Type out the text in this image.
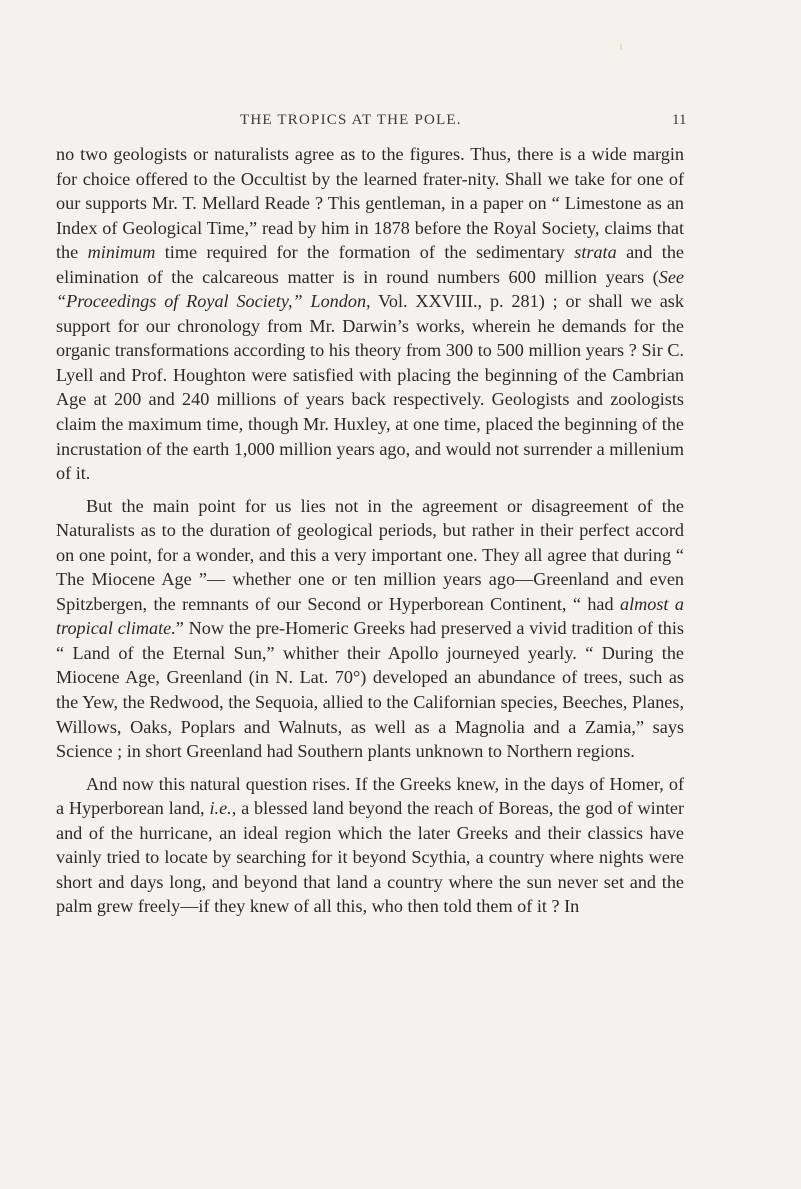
THE TROPICS AT THE POLE.	11

no two geologists or naturalists agree as to the figures. Thus, there is a wide margin for choice offered to the Occultist by the learned frater-nity. Shall we take for one of our supports Mr. T. Mellard Reade ? This gentleman, in a paper on “ Limestone as an Index of Geological Time,” read by him in 1878 before the Royal Society, claims that the minimum time required for the formation of the sedimentary strata and the elimination of the calcareous matter is in round numbers 600 million years (See “Proceedings of Royal Society,” London, Vol. XXVIII., p. 281) ; or shall we ask support for our chronology from Mr. Darwin’s works, wherein he demands for the organic transformations according to his theory from 300 to 500 million years ? Sir C. Lyell and Prof. Houghton were satisfied with placing the beginning of the Cambrian Age at 200 and 240 millions of years back respectively. Geologists and zoologists claim the maximum time, though Mr. Huxley, at one time, placed the beginning of the incrustation of the earth 1,000 million years ago, and would not surrender a millenium of it.

But the main point for us lies not in the agreement or disagreement of the Naturalists as to the duration of geological periods, but rather in their perfect accord on one point, for a wonder, and this a very important one. They all agree that during “ The Miocene Age ”— whether one or ten million years ago—Greenland and even Spitzbergen, the remnants of our Second or Hyperborean Continent, “ had almost a tropical climate.” Now the pre-Homeric Greeks had preserved a vivid tradition of this “ Land of the Eternal Sun,” whither their Apollo journeyed yearly. “ During the Miocene Age, Greenland (in N. Lat. 70°) developed an abundance of trees, such as the Yew, the Redwood, the Sequoia, allied to the Californian species, Beeches, Planes, Willows, Oaks, Poplars and Walnuts, as well as a Magnolia and a Zamia,” says Science ; in short Greenland had Southern plants unknown to Northern regions.

And now this natural question rises. If the Greeks knew, in the days of Homer, of a Hyperborean land, i.e., a blessed land beyond the reach of Boreas, the god of winter and of the hurricane, an ideal region which the later Greeks and their classics have vainly tried to locate by searching for it beyond Scythia, a country where nights were short and days long, and beyond that land a country where the sun never set and the palm grew freely—if they knew of all this, who then told them of it ? In
